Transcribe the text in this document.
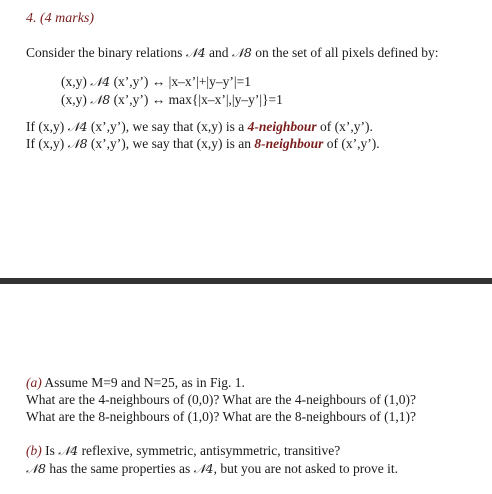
4. (4 marks)
Consider the binary relations 𝒩4 and 𝒩8 on the set of all pixels defined by:
(x,y) 𝒩4 (x’,y’) ↔ |x–x’|+|y–y’|=1
(x,y) 𝒩8 (x’,y’) ↔ max{|x–x’|,|y–y’|}=1
If (x,y) 𝒩4 (x’,y’), we say that (x,y) is a 4-neighbour of (x’,y’).
If (x,y) 𝒩8 (x’,y’), we say that (x,y) is an 8-neighbour of (x’,y’).
(a) Assume M=9 and N=25, as in Fig. 1.
What are the 4-neighbours of (0,0)? What are the 4-neighbours of (1,0)?
What are the 8-neighbours of (1,0)? What are the 8-neighbours of (1,1)?
(b) Is 𝒩4 reflexive, symmetric, antisymmetric, transitive?
𝒩8 has the same properties as 𝒩4, but you are not asked to prove it.
